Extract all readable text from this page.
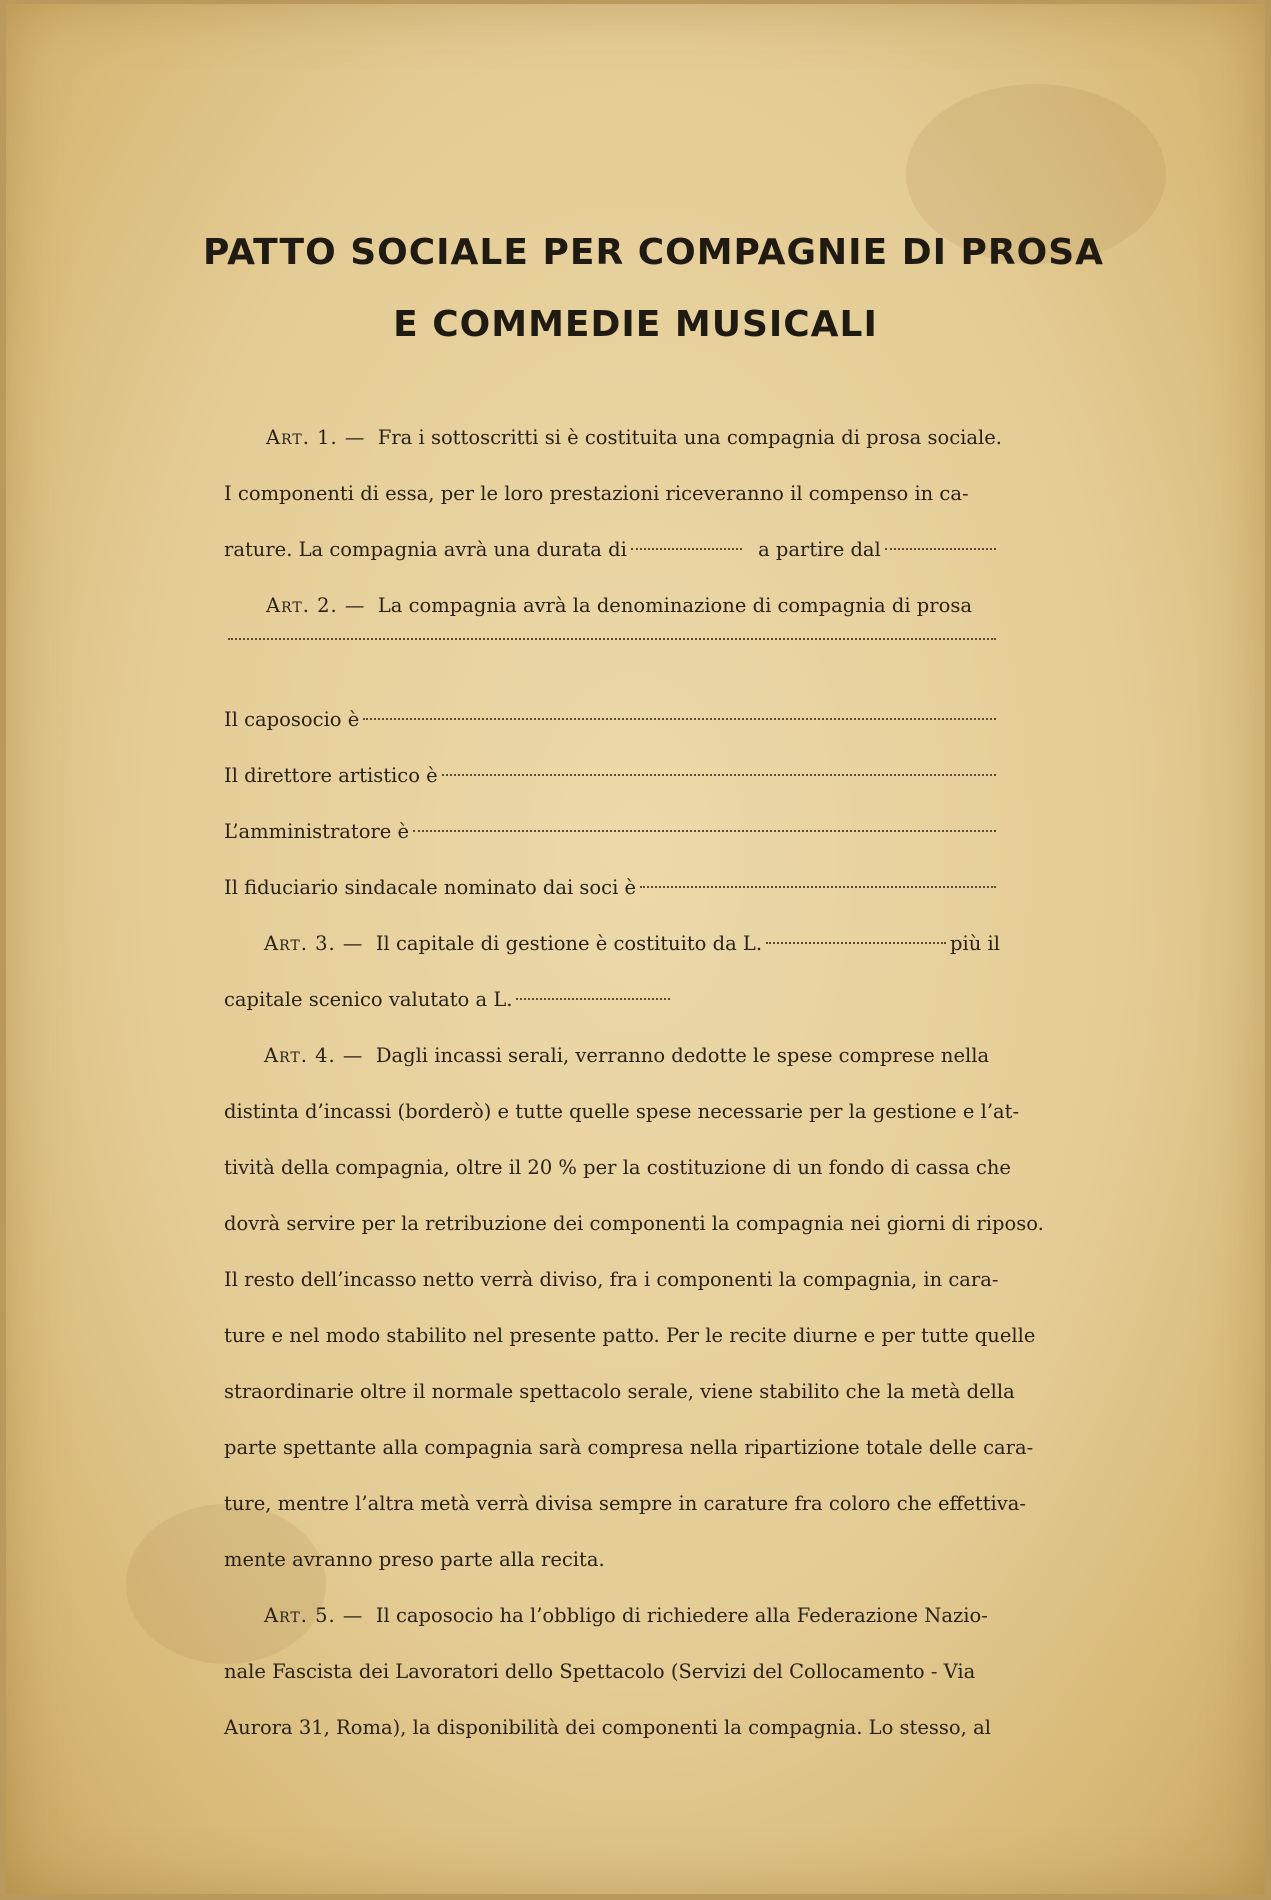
PATTO SOCIALE PER COMPAGNIE DI PROSA
E COMMEDIE MUSICALI
Art. 1. —
Fra i sottoscritti si è costituita una compagnia di prosa sociale.
I componenti di essa, per le loro prestazioni riceveranno il compenso in ca-
rature. La compagnia avrà una durata di	a partire dal
Art. 2. —
La compagnia avrà la denominazione di compagnia di prosa
Il caposocio è
Il direttore artistico è
L’amministratore è
Il fiduciario sindacale nominato dai soci è
Art. 3. —
Il capitale di gestione è costituito da L.	più il
capitale scenico valutato a L.
Art. 4. —
Dagli incassi serali, verranno dedotte le spese comprese nella
distinta d’incassi (borderò) e tutte quelle spese necessarie per la gestione e l’at-
tività della compagnia, oltre il 20 % per la costituzione di un fondo di cassa che
dovrà servire per la retribuzione dei componenti la compagnia nei giorni di riposo.
Il resto dell’incasso netto verrà diviso, fra i componenti la compagnia, in cara-
ture e nel modo stabilito nel presente patto. Per le recite diurne e per tutte quelle
straordinarie oltre il normale spettacolo serale, viene stabilito che la metà della
parte spettante alla compagnia sarà compresa nella ripartizione totale delle cara-
ture, mentre l’altra metà verrà divisa sempre in carature fra coloro che effettiva-
mente avranno preso parte alla recita.
Art. 5. —
Il caposocio ha l’obbligo di richiedere alla Federazione Nazio-
nale Fascista dei Lavoratori dello Spettacolo (Servizi del Collocamento - Via
Aurora 31, Roma), la disponibilità dei componenti la compagnia. Lo stesso, al
